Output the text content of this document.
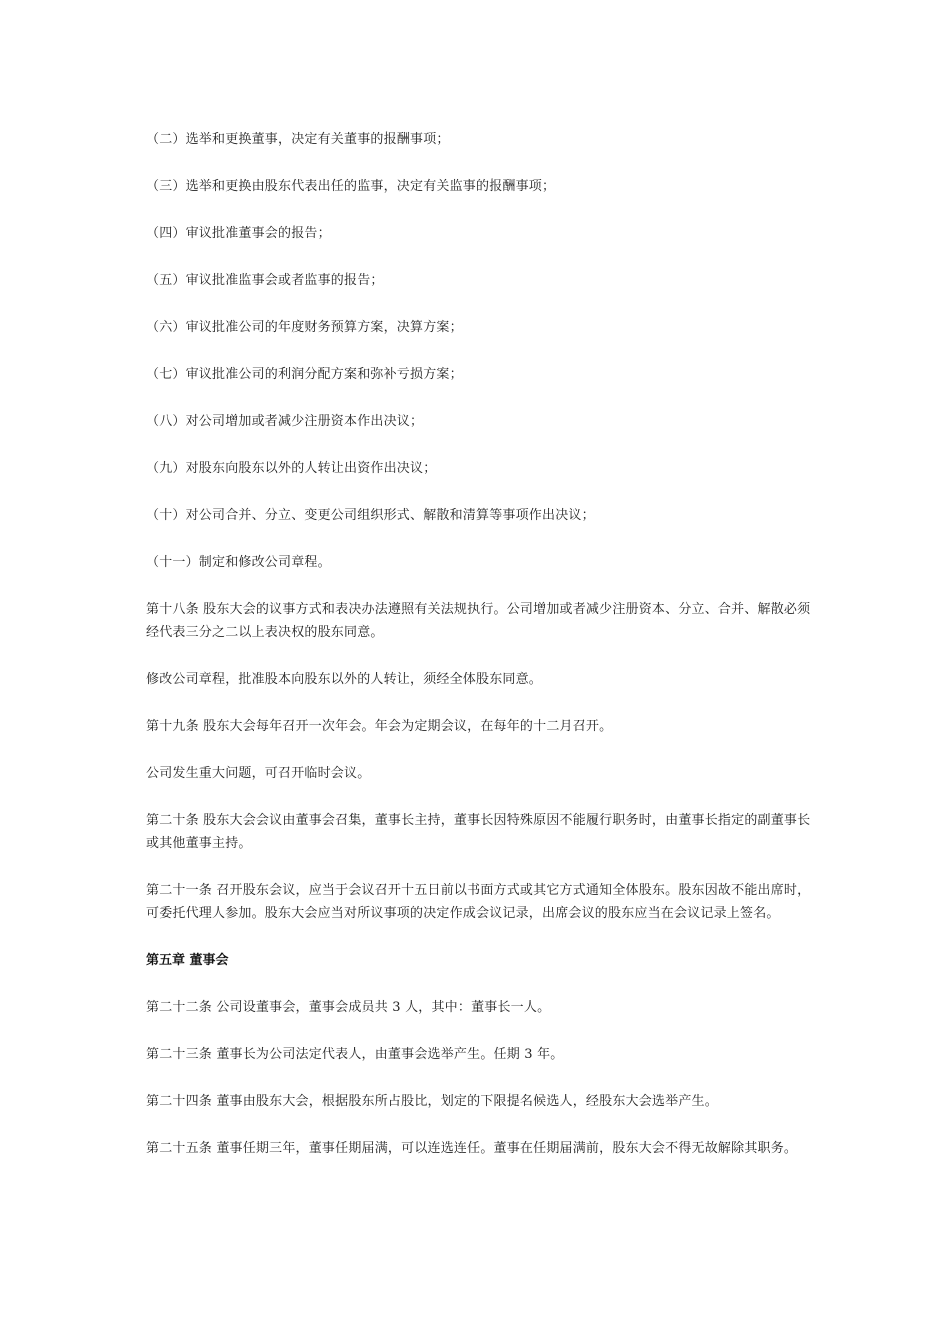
（二）选举和更换董事，决定有关董事的报酬事项；

（三）选举和更换由股东代表出任的监事，决定有关监事的报酬事项；

（四）审议批准董事会的报告；

（五）审议批准监事会或者监事的报告；

（六）审议批准公司的年度财务预算方案，决算方案；

（七）审议批准公司的利润分配方案和弥补亏损方案；

（八）对公司增加或者减少注册资本作出决议；

（九）对股东向股东以外的人转让出资作出决议；

（十）对公司合并、分立、变更公司组织形式、解散和清算等事项作出决议；

（十一）制定和修改公司章程。

第十八条 股东大会的议事方式和表决办法遵照有关法规执行。公司增加或者减少注册资本、分立、合并、解散必须经代表三分之二以上表决权的股东同意。

修改公司章程，批准股本向股东以外的人转让，须经全体股东同意。

第十九条 股东大会每年召开一次年会。年会为定期会议，在每年的十二月召开。

公司发生重大问题，可召开临时会议。

第二十条 股东大会会议由董事会召集，董事长主持，董事长因特殊原因不能履行职务时，由董事长指定的副董事长或其他董事主持。

第二十一条 召开股东会议，应当于会议召开十五日前以书面方式或其它方式通知全体股东。股东因故不能出席时，可委托代理人参加。股东大会应当对所议事项的决定作成会议记录，出席会议的股东应当在会议记录上签名。

第五章 董事会

第二十二条 公司设董事会，董事会成员共 3 人，其中：董事长一人。

第二十三条 董事长为公司法定代表人，由董事会选举产生。任期 3 年。

第二十四条 董事由股东大会，根据股东所占股比，划定的下限提名候选人，经股东大会选举产生。

第二十五条 董事任期三年，董事任期届满，可以连选连任。董事在任期届满前，股东大会不得无故解除其职务。
